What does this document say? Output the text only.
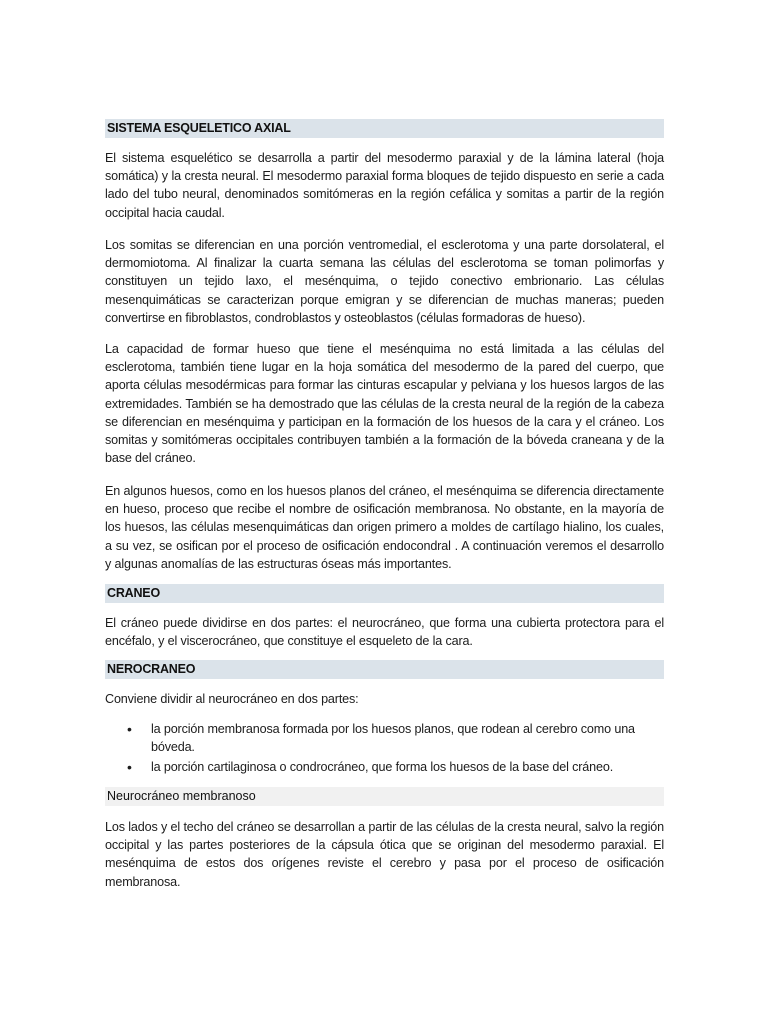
SISTEMA ESQUELETICO AXIAL

El sistema esquelético se desarrolla a partir del mesodermo paraxial y de la lámina lateral (hoja somática) y la cresta neural. El mesodermo paraxial forma bloques de tejido dispuesto en serie a cada lado del tubo neural, denominados somitómeras en la región cefálica y somitas a partir de la región occipital hacia caudal.

Los somitas se diferencian en una porción ventromedial, el esclerotoma y una parte dorsolateral, el dermomiotoma. Al finalizar la cuarta semana las células del esclerotoma se toman polimorfas y constituyen un tejido laxo, el mesénquima, o tejido conectivo embrionario. Las células mesenquimáticas se caracterizan porque emigran y se diferencian de muchas maneras; pueden convertirse en fibroblastos, condroblastos y osteoblastos (células formadoras de hueso).

La capacidad de formar hueso que tiene el mesénquima no está limitada a las células del esclerotoma, también tiene lugar en la hoja somática del mesodermo de la pared del cuerpo, que aporta células mesodérmicas para formar las cinturas escapular y pelviana y los huesos largos de las extremidades. También se ha demostrado que las células de la cresta neural de la región de la cabeza se diferencian en mesénquima y participan en la formación de los huesos de la cara y el cráneo. Los somitas y somitómeras occipitales contribuyen también a la formación de la bóveda craneana y de la base del cráneo.

En algunos huesos, como en los huesos planos del cráneo, el mesénquima se diferencia directamente en hueso, proceso que recibe el nombre de osificación membranosa. No obstante, en la mayoría de los huesos, las células mesenquimáticas dan origen primero a moldes de cartílago hialino, los cuales, a su vez, se osifican por el proceso de osificación endocondral . A continuación veremos el desarrollo y algunas anomalías de las estructuras óseas más importantes.

CRANEO

El cráneo puede dividirse en dos partes: el neurocráneo, que forma una cubierta protectora para el encéfalo, y el viscerocráneo, que constituye el esqueleto de la cara.

NEROCRANEO

Conviene dividir al neurocráneo en dos partes:

• la porción membranosa formada por los huesos planos, que rodean al cerebro como una bóveda.
• la porción cartilaginosa o condrocráneo, que forma los huesos de la base del cráneo.
Neurocráneo membranoso

Los lados y el techo del cráneo se desarrollan a partir de las células de la cresta neural, salvo la región occipital y las partes posteriores de la cápsula ótica que se originan del mesodermo paraxial. El mesénquima de estos dos orígenes reviste el cerebro y pasa por el proceso de osificación membranosa.
